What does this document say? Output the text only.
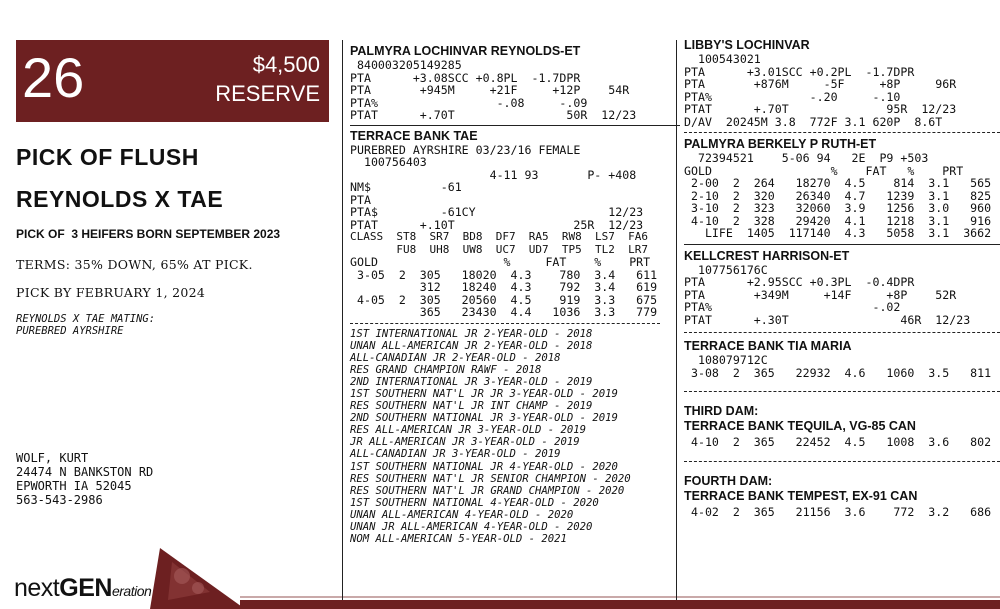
26	$4,500
RESERVE
PICK OF FLUSH
REYNOLDS X TAE
PICK OF  3 HEIFERS BORN SEPTEMBER 2023
TERMS: 35% DOWN, 65% AT PICK.
PICK BY FEBRUARY 1, 2024
REYNOLDS X TAE MATING:
PUREBRED AYRSHIRE
WOLF, KURT
24474 N BANKSTON RD
EPWORTH IA 52045
563-543-2986
nextGENeration
PALMYRA LOCHINVAR REYNOLDS-ET
840003205149285
PTA      +3.08SCC +0.8PL  -1.7DPR
PTA       +945M     +21F     +12P    54R
PTA%                 -.08     -.09
PTAT      +.70T                50R  12/23
TERRACE BANK TAE
PUREBRED AYRSHIRE 03/23/16 FEMALE
100756403
4-11 93       P- +408
NM$          -61
PTA
PTA$         -61CY                   12/23
PTAT      +.10T                 25R  12/23
CLASS  ST8  SR7  BD8  DF7  RA5  RW8  LS7  FA6
FU8  UH8  UW8  UC7  UD7  TP5  TL2  LR7
GOLD                  %     FAT    %    PRT
3-05  2  305   18020  4.3    780  3.4   611
312   18240  4.3    792  3.4   619
4-05  2  305   20560  4.5    919  3.3   675
365   23430  4.4   1036  3.3   779
1ST INTERNATIONAL JR 2-YEAR-OLD - 2018
UNAN ALL-AMERICAN JR 2-YEAR-OLD - 2018
ALL-CANADIAN JR 2-YEAR-OLD - 2018
RES GRAND CHAMPION RAWF - 2018
2ND INTERNATIONAL JR 3-YEAR-OLD - 2019
1ST SOUTHERN NAT'L JR JR 3-YEAR-OLD - 2019
RES SOUTHERN NAT'L JR INT CHAMP - 2019
2ND SOUTHERN NATIONAL JR 3-YEAR-OLD - 2019
RES ALL-AMERICAN JR 3-YEAR-OLD - 2019
JR ALL-AMERICAN JR 3-YEAR-OLD - 2019
ALL-CANADIAN JR 3-YEAR-OLD - 2019
1ST SOUTHERN NATIONAL JR 4-YEAR-OLD - 2020
RES SOUTHERN NAT'L JR SENIOR CHAMPION - 2020
RES SOUTHERN NAT'L JR GRAND CHAMPION - 2020
1ST SOUTHERN NATIONAL 4-YEAR-OLD - 2020
UNAN ALL-AMERICAN 4-YEAR-OLD - 2020
UNAN JR ALL-AMERICAN 4-YEAR-OLD - 2020
NOM ALL-AMERICAN 5-YEAR-OLD - 2021
LIBBY'S LOCHINVAR
100543021
PTA      +3.01SCC +0.2PL  -1.7DPR
PTA       +876M     -5F     +8P     96R
PTA%              -.20     -.10
PTAT      +.70T              95R  12/23
D/AV  20245M 3.8  772F 3.1 620P  8.6T
PALMYRA BERKELY P RUTH-ET
72394521    5-06 94   2E  P9 +503
GOLD                 %    FAT   %    PRT
2-00  2  264   18270  4.5    814  3.1   565
2-10  2  320   26340  4.7   1239  3.1   825
3-10  2  323   32060  3.9   1256  3.0   960
4-10  2  328   29420  4.1   1218  3.1   916
LIFE  1405  117140  4.3   5058  3.1  3662
KELLCREST HARRISON-ET
107756176C
PTA      +2.95SCC +0.3PL  -0.4DPR
PTA       +349M     +14F     +8P    52R
PTA%                       -.02
PTAT      +.30T                46R  12/23
TERRACE BANK TIA MARIA
108079712C
3-08  2  365   22932  4.6   1060  3.5   811
THIRD DAM:
TERRACE BANK TEQUILA, VG-85 CAN
4-10  2  365   22452  4.5   1008  3.6   802
FOURTH DAM:
TERRACE BANK TEMPEST, EX-91 CAN
4-02  2  365   21156  3.6    772  3.2   686
